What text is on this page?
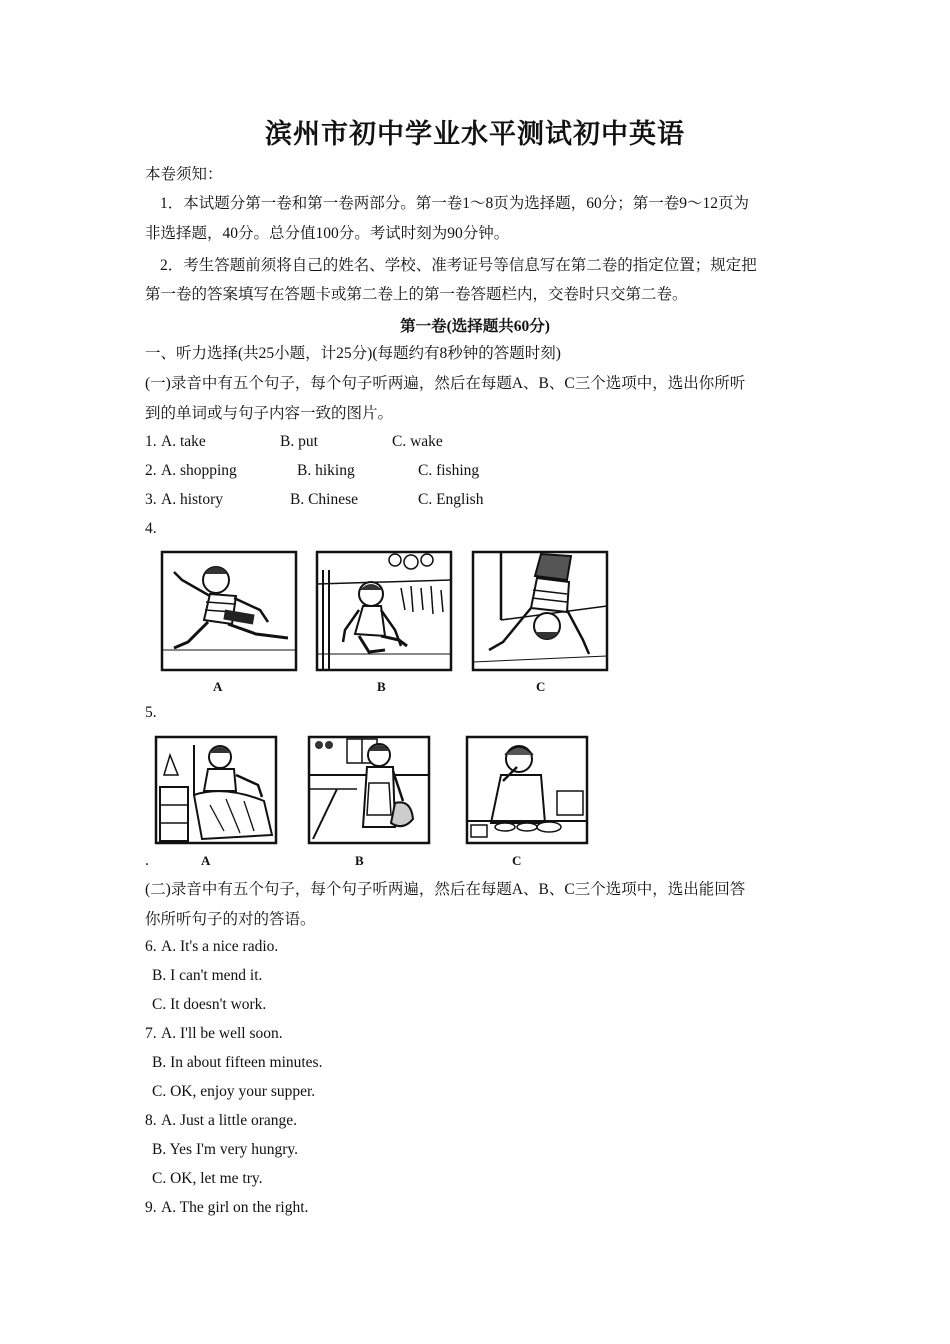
滨州市初中学业水平测试初中英语
本卷须知：
1．本试题分第一卷和第一卷两部分。第一卷1～8页为选择题，60分；第一卷9～12页为
非选择题，40分。总分值100分。考试时刻为90分钟。
2．考生答题前须将自己的姓名、学校、准考证号等信息写在第二卷的指定位置；规定把
第一卷的答案填写在答题卡或第二卷上的第一卷答题栏内，交卷时只交第二卷。
第一卷(选择题共60分)
一、听力选择(共25小题，计25分)(每题约有8秒钟的答题时刻)
(一)录音中有五个句子，每个句子听两遍，然后在每题A、B、C三个选项中，选出你所听
到的单词或与句子内容一致的图片。
1. A. take	B. put	C. wake
2. A. shopping	B. hiking	C. fishing
3. A. history	B. Chinese	C. English
4.
A	B	C
5.
A	B	C
.
(二)录音中有五个句子，每个句子听两遍，然后在每题A、B、C三个选项中，选出能回答
你所听句子的对的答语。
6. A. It's a nice radio.
B. I can't mend it.
C. It doesn't work.
7. A. I'll be well soon.
B. In about fifteen minutes.
C. OK, enjoy your supper.
8. A. Just a little orange.
B. Yes I'm very hungry.
C. OK, let me try.
9. A. The girl on the right.
